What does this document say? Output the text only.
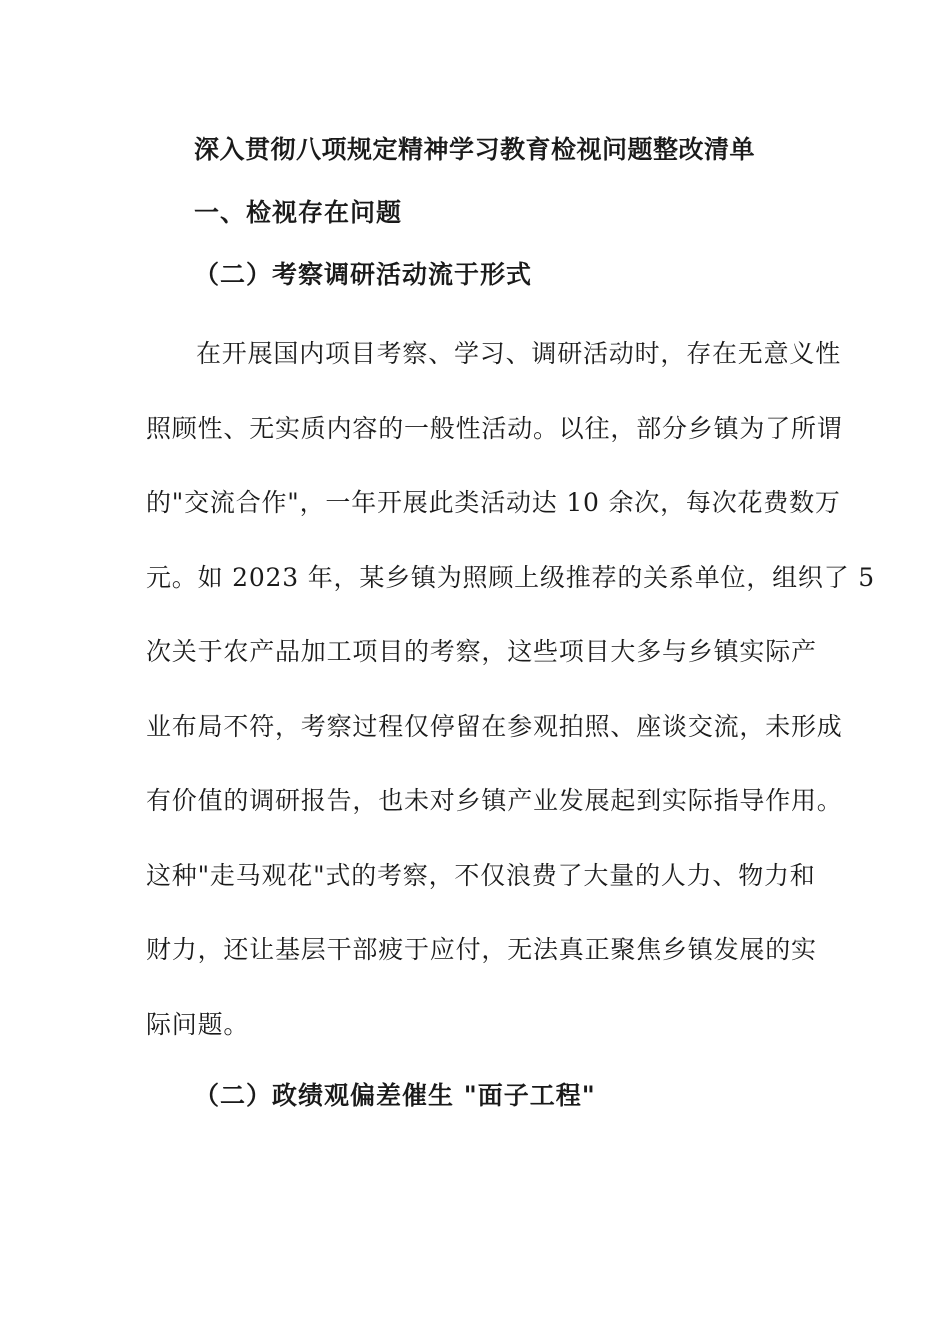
深入贯彻八项规定精神学习教育检视问题整改清单
一、检视存在问题
（二）考察调研活动流于形式
在开展国内项目考察、学习、调研活动时，存在无意义性
照顾性、无实质内容的一般性活动。以往，部分乡镇为了所谓
的"交流合作"，一年开展此类活动达 10 余次，每次花费数万
元。如 2023 年，某乡镇为照顾上级推荐的关系单位，组织了 5
次关于农产品加工项目的考察，这些项目大多与乡镇实际产
业布局不符，考察过程仅停留在参观拍照、座谈交流，未形成
有价值的调研报告，也未对乡镇产业发展起到实际指导作用。
这种"走马观花"式的考察，不仅浪费了大量的人力、物力和
财力，还让基层干部疲于应付，无法真正聚焦乡镇发展的实
际问题。
（二）政绩观偏差催生 "面子工程"
